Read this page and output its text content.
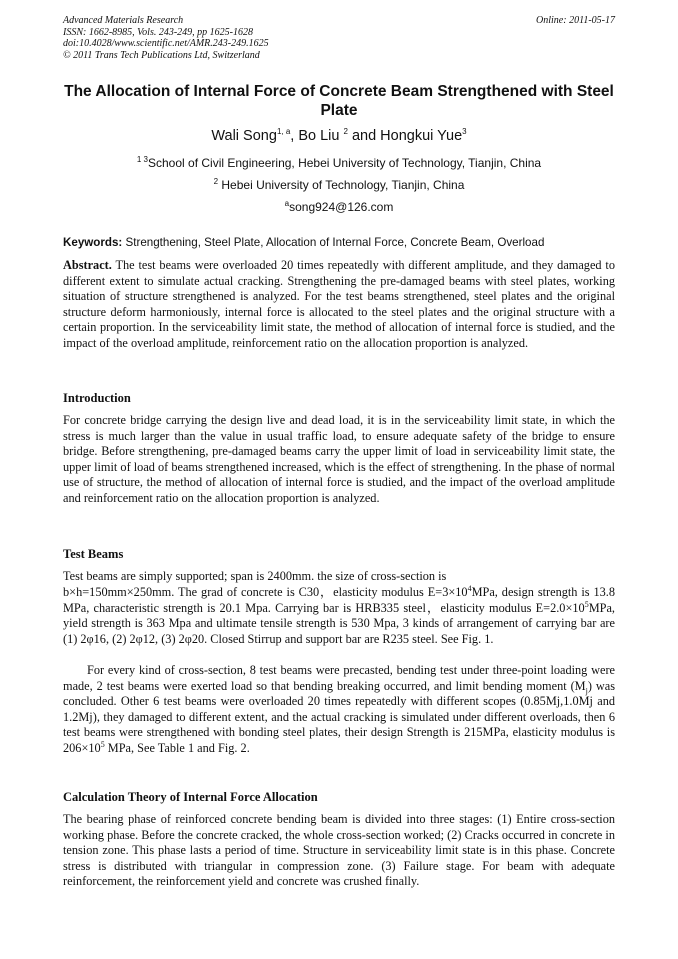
Advanced Materials Research
ISSN: 1662-8985, Vols. 243-249, pp 1625-1628
doi:10.4028/www.scientific.net/AMR.243-249.1625
© 2011 Trans Tech Publications Ltd, Switzerland
Online: 2011-05-17
The Allocation of Internal Force of Concrete Beam Strengthened with Steel Plate
Wali Song$^{1, a}$, Bo Liu $^2$ and Hongkui Yue$^3$
$^{1 3}$School of Civil Engineering, Hebei University of Technology, Tianjin, China
$^2$ Hebei University of Technology, Tianjin, China
$^a$song924@126.com
Keywords: Strengthening, Steel Plate, Allocation of Internal Force, Concrete Beam, Overload
Abstract. The test beams were overloaded 20 times repeatedly with different amplitude, and they damaged to different extent to simulate actual cracking. Strengthening the pre-damaged beams with steel plates, working situation of structure strengthened is analyzed. For the test beams strengthened, steel plates and the original structure deform harmoniously, internal force is allocated to the steel plates and the original structure with a certain proportion. In the serviceability limit state, the method of allocation of internal force is studied, and the impact of the overload amplitude, reinforcement ratio on the allocation proportion is analyzed.
Introduction
For concrete bridge carrying the design live and dead load, it is in the serviceability limit state, in which the stress is much larger than the value in usual traffic load, to ensure adequate safety of the bridge to ensure bridge. Before strengthening, pre-damaged beams carry the upper limit of load in serviceability limit state, the upper limit of load of beams strengthened increased, which is the effect of strengthening. In the phase of normal use of structure, the method of allocation of internal force is studied, and the impact of the overload amplitude and reinforcement ratio on the allocation proportion is analyzed.
Test Beams
Test beams are simply supported; span is 2400mm. the size of cross-section is
b×h=150mm×250mm. The grad of concrete is C30，elasticity modulus $E=3\times 10^4MPa$, design strength is 13.8 MPa, characteristic strength is 20.1 Mpa. Carrying bar is HRB335 steel，elasticity modulus $E=2.0\times 10^5MPa$, yield strength is 363 Mpa and ultimate tensile strength is 530 Mpa, 3 kinds of arrangement of carrying bar are (1) 2φ16, (2) 2φ12, (3) 2φ20. Closed Stirrup and support bar are R235 steel. See Fig. 1.
For every kind of cross-section, 8 test beams were precasted, bending test under three-point loading were made, 2 test beams were exerted load so that bending breaking occurred, and limit bending moment $(M_j)$ was concluded. Other 6 test beams were overloaded 20 times repeatedly with different scopes (0.85Mj,1.0Mj and 1.2Mj), they damaged to different extent, and the actual cracking is simulated under different overloads, then 6 test beams were strengthened with bonding steel plates, their design Strength is 215MPa, elasticity modulus is $206\times 10^5$ MPa, See Table 1 and Fig. 2.
Calculation Theory of Internal Force Allocation
The bearing phase of reinforced concrete bending beam is divided into three stages: (1) Entire cross-section working phase. Before the concrete cracked, the whole cross-section worked; (2) Cracks occurred in concrete in tension zone. This phase lasts a period of time. Structure in serviceability limit state is in this phase. Concrete stress is distributed with triangular in compression zone. (3) Failure stage. For beam with adequate reinforcement, the reinforcement yield and concrete was crushed finally.
